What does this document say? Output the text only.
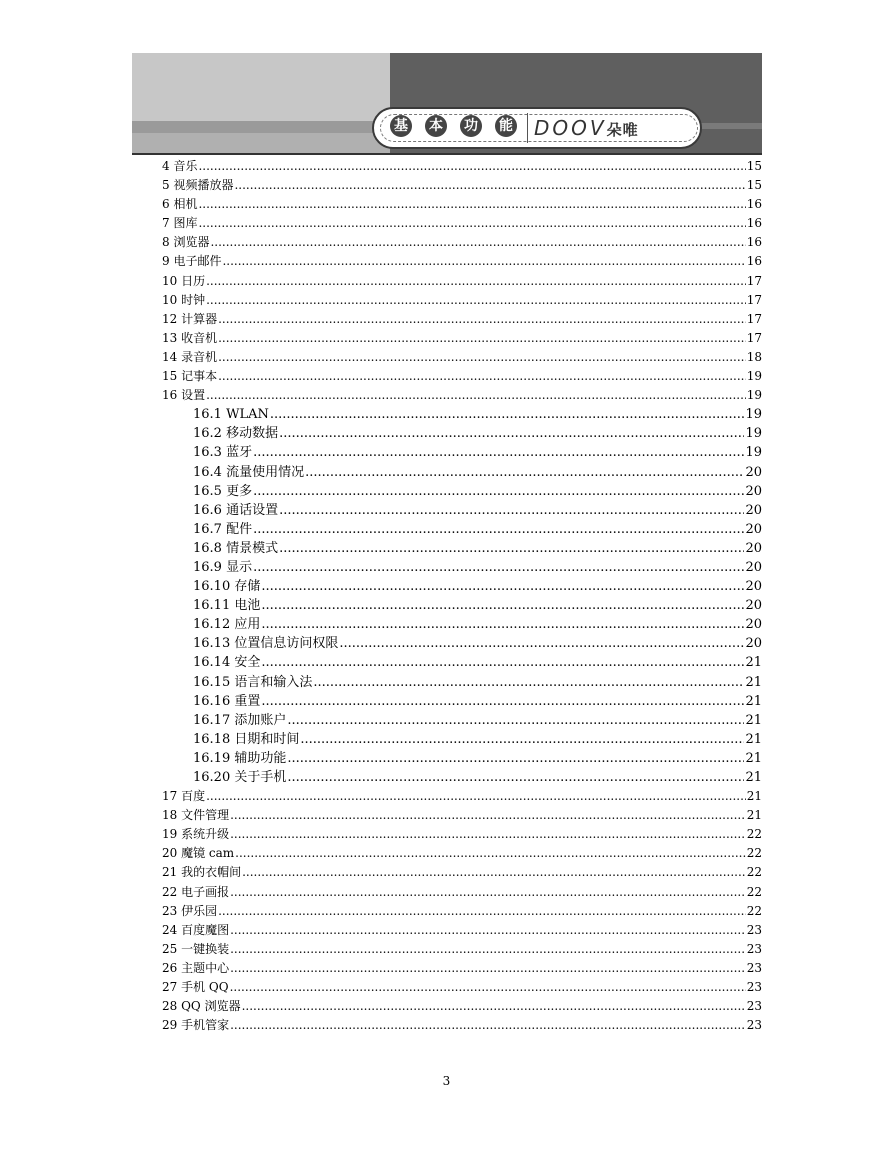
基 本 功 能 DOOV朵唯
4 音乐 .....	15
5 视频播放器 .....	15
6 相机 .....	16
7 图库 .....	16
8 浏览器 .....	16
9 电子邮件 .....	16
10 日历 .....	17
10 时钟 .....	17
12 计算器 .....	17
13 收音机 .....	17
14 录音机 .....	18
15 记事本 .....	19
16 设置 .....	19
16.1 WLAN .....	19
16.2 移动数据 .....	19
16.3 蓝牙 .....	19
16.4 流量使用情况 .....	20
16.5 更多 .....	20
16.6 通话设置 .....	20
16.7 配件 .....	20
16.8 情景模式 .....	20
16.9 显示 .....	20
16.10 存储 .....	20
16.11 电池 .....	20
16.12 应用 .....	20
16.13 位置信息访问权限 .....	20
16.14 安全 .....	21
16.15 语言和输入法 .....	21
16.16 重置 .....	21
16.17 添加账户 .....	21
16.18 日期和时间 .....	21
16.19 辅助功能 .....	21
16.20 关于手机 .....	21
17 百度 .....	21
18 文件管理 .....	21
19 系统升级 .....	22
20 魔镜 cam .....	22
21 我的衣帽间 .....	22
22 电子画报 .....	22
23 伊乐园 .....	22
24 百度魔图 .....	23
25 一键换装 .....	23
26 主题中心 .....	23
27 手机 QQ .....	23
28 QQ 浏览器 .....	23
29 手机管家 .....	23
3
